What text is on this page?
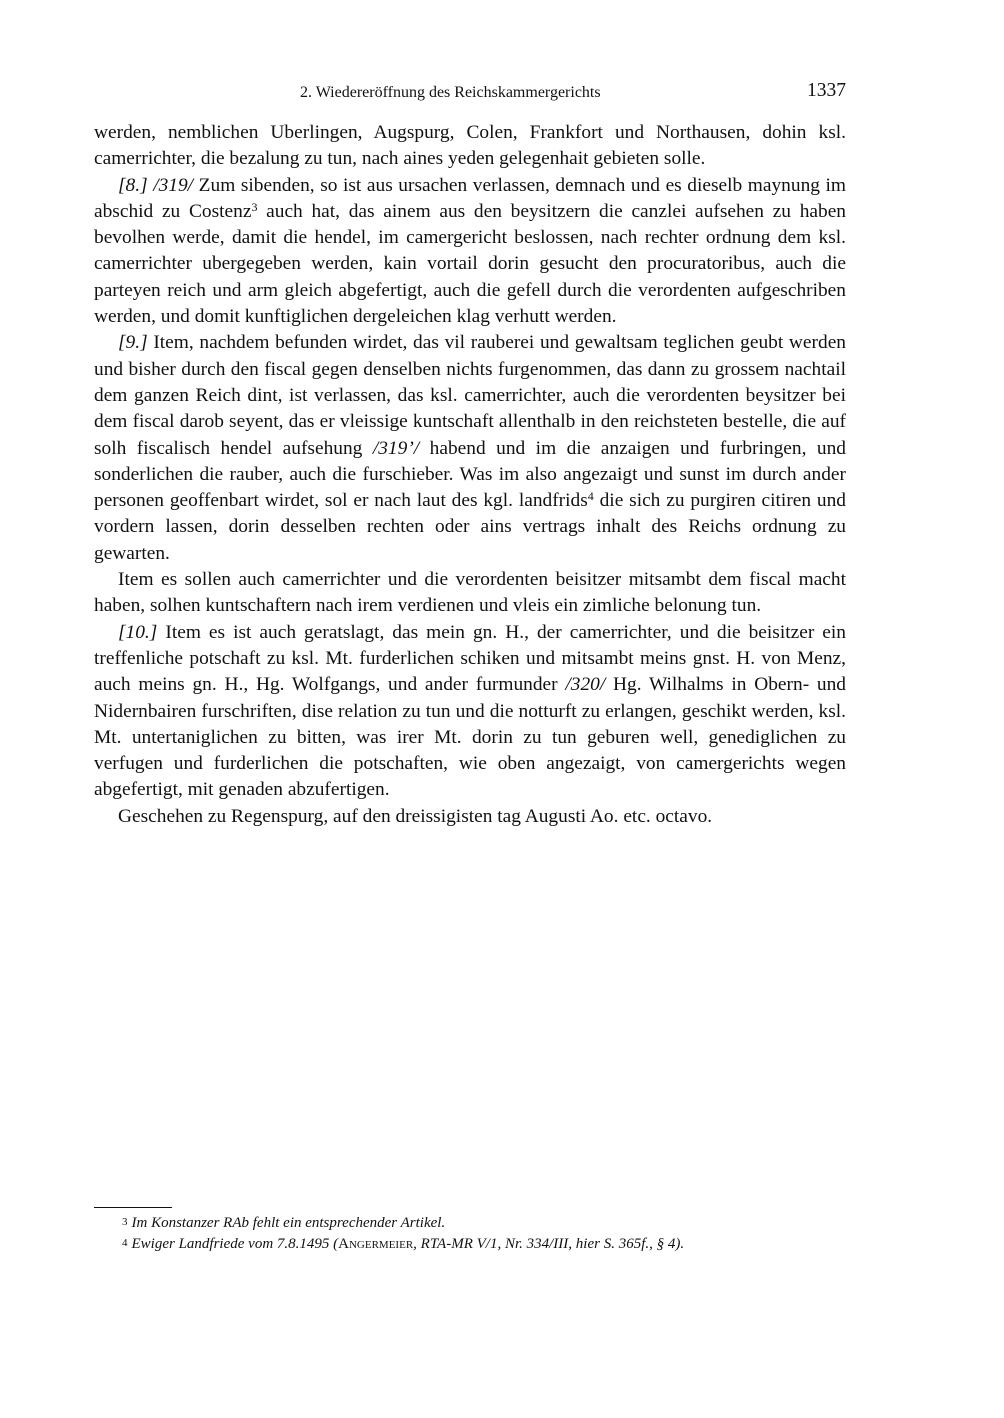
2. Wiedereröffnung des Reichskammergerichts	1337

werden, nemblichen Uberlingen, Augspurg, Colen, Frankfort und Northausen, dohin ksl. camerrichter, die bezalung zu tun, nach aines yeden gelegenhait gebieten solle.

[8.] /319/ Zum sibenden, so ist aus ursachen verlassen, demnach und es dieselb maynung im abschid zu Costenz$^3$ auch hat, das ainem aus den beysitzern die canzlei aufsehen zu haben bevolhen werde, damit die hendel, im camergericht beslossen, nach rechter ordnung dem ksl. camerrichter ubergegeben werden, kain vortail dorin gesucht den procuratoribus, auch die parteyen reich und arm gleich abgefertigt, auch die gefell durch die verordenten aufgeschriben werden, und domit kunftiglichen dergeleichen klag verhutt werden.

[9.] Item, nachdem befunden wirdet, das vil rauberei und gewaltsam teglichen geubt werden und bisher durch den fiscal gegen denselben nichts furgenommen, das dann zu grossem nachtail dem ganzen Reich dint, ist verlassen, das ksl. camerrichter, auch die verordenten beysitzer bei dem fiscal darob seyent, das er vleissige kuntschaft allenthalb in den reichsteten bestelle, die auf solh fiscalisch hendel aufsehung /319’/ habend und im die anzaigen und furbringen, und sonderlichen die rauber, auch die furschieber. Was im also angezaigt und sunst im durch ander personen geoffenbart wirdet, sol er nach laut des kgl. landfrids$^4$ die sich zu purgiren citiren und vordern lassen, dorin desselben rechten oder ains vertrags inhalt des Reichs ordnung zu gewarten.

Item es sollen auch camerrichter und die verordenten beisitzer mitsambt dem fiscal macht haben, solhen kuntschaftern nach irem verdienen und vleis ein zimliche belonung tun.

[10.] Item es ist auch geratslagt, das mein gn. H., der camerrichter, und die beisitzer ein treffenliche potschaft zu ksl. Mt. furderlichen schiken und mitsambt meins gnst. H. von Menz, auch meins gn. H., Hg. Wolfgangs, und ander furmunder /320/ Hg. Wilhalms in Obern- und Nidernbairen furschriften, dise relation zu tun und die notturft zu erlangen, geschikt werden, ksl. Mt. untertaniglichen zu bitten, was irer Mt. dorin zu tun geburen well, genediglichen zu verfugen und furderlichen die potschaften, wie oben angezaigt, von camergerichts wegen abgefertigt, mit genaden abzufertigen.

Geschehen zu Regenspurg, auf den dreissigisten tag Augusti Ao. etc. octavo.

3 Im Konstanzer RAb fehlt ein entsprechender Artikel.
4 Ewiger Landfriede vom 7.8.1495 (Angermeier, RTA-MR V/1, Nr. 334/III, hier S. 365f., § 4).
